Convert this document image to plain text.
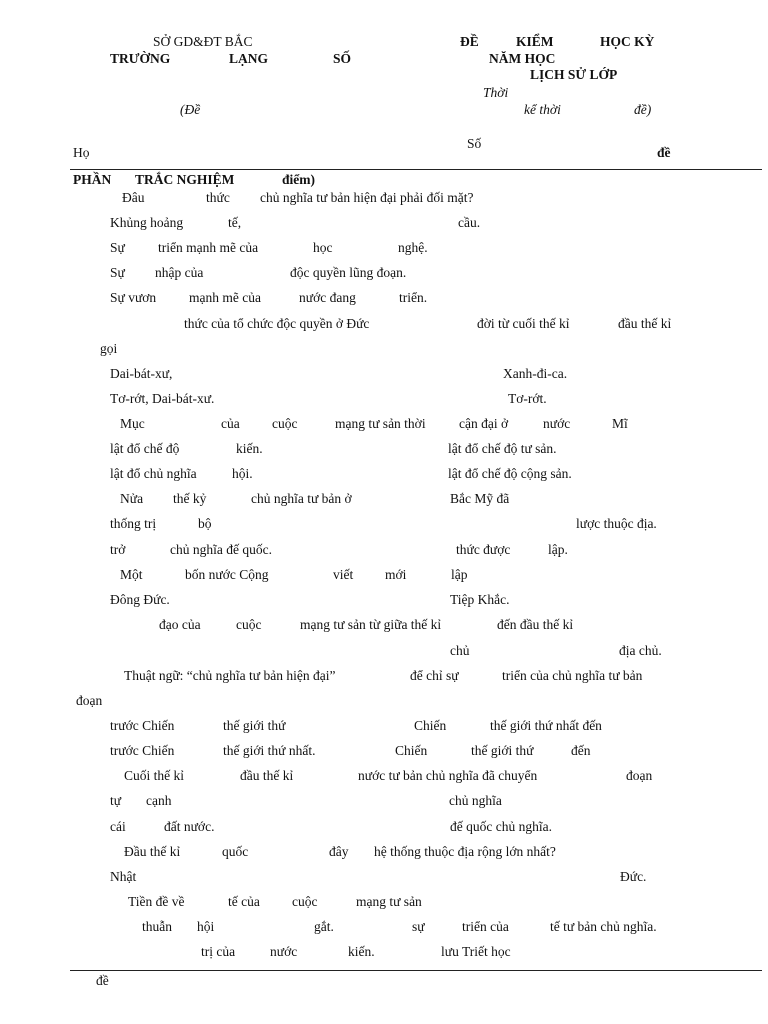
SỞ GD&ĐT BẮC
TRƯỜNG	LẠNG	SỐ
ĐỀ	KIỂM	HỌC KỲ
NĂM HỌC
LỊCH SỬ LỚP
Thời
(Đề	kể thời	đề)
Họ
Số
đề
PHẦN TRẮC NGHIỆM	điểm)
Đâu	thức chủ nghĩa tư bản hiện đại phải đối mặt?
Khủng hoảng	tế,	cầu.
Sự triển mạnh mẽ của	học	nghệ.
Sự nhập của	độc quyền lũng đoạn.
Sự vươn mạnh mẽ của	nước đang	triển.
thức của tổ chức độc quyền ở Đức	đời từ cuối thế kỉ	đầu thế kỉ
gọi
Dai-bát-xư,	Xanh-đi-ca.
Tơ-rớt, Dai-bát-xư.	Tơ-rớt.
Mục	của cuộc	mạng tư sản thời cận đại ở	nước	Mĩ
lật đổ chế độ	kiến.	lật đổ chế độ tư sản.
lật đổ chủ nghĩa	hội.	lật đổ chế độ cộng sản.
Nửa thế kỷ	chủ nghĩa tư bản ở	Bắc Mỹ đã
thống trị	bộ	lược thuộc địa.
trở	chủ nghĩa đế quốc.	thức được	lập.
Một	bốn nước Cộng	viết mới	lập
Đông Đức.	Tiệp Khắc.
đạo của	cuộc	mạng tư sản từ giữa thế kỉ	đến đầu thế kỉ
chủ	địa chủ.
Thuật ngữ: “chủ nghĩa tư bản hiện đại”	để chỉ sự	triển của chủ nghĩa tư bản
đoạn
trước Chiến	thế giới thứ	Chiến	thế giới thứ nhất đến
trước Chiến	thế giới thứ nhất.	Chiến	thế giới thứ	đến
Cuối thế kỉ	đầu thế kỉ	nước tư bản chủ nghĩa đã chuyển	đoạn
tự cạnh	chủ nghĩa
cái	đất nước.	đế quốc chủ nghĩa.
Đầu thế kỉ	quốc	đây hệ thống thuộc địa rộng lớn nhất?
Nhật	Đức.
Tiền đề về	tế của cuộc	mạng tư sản
thuẫn hội	gắt.	sự	triển của	tế tư bản chủ nghĩa.
trị của	nước	kiến.	lưu Triết học
đề
